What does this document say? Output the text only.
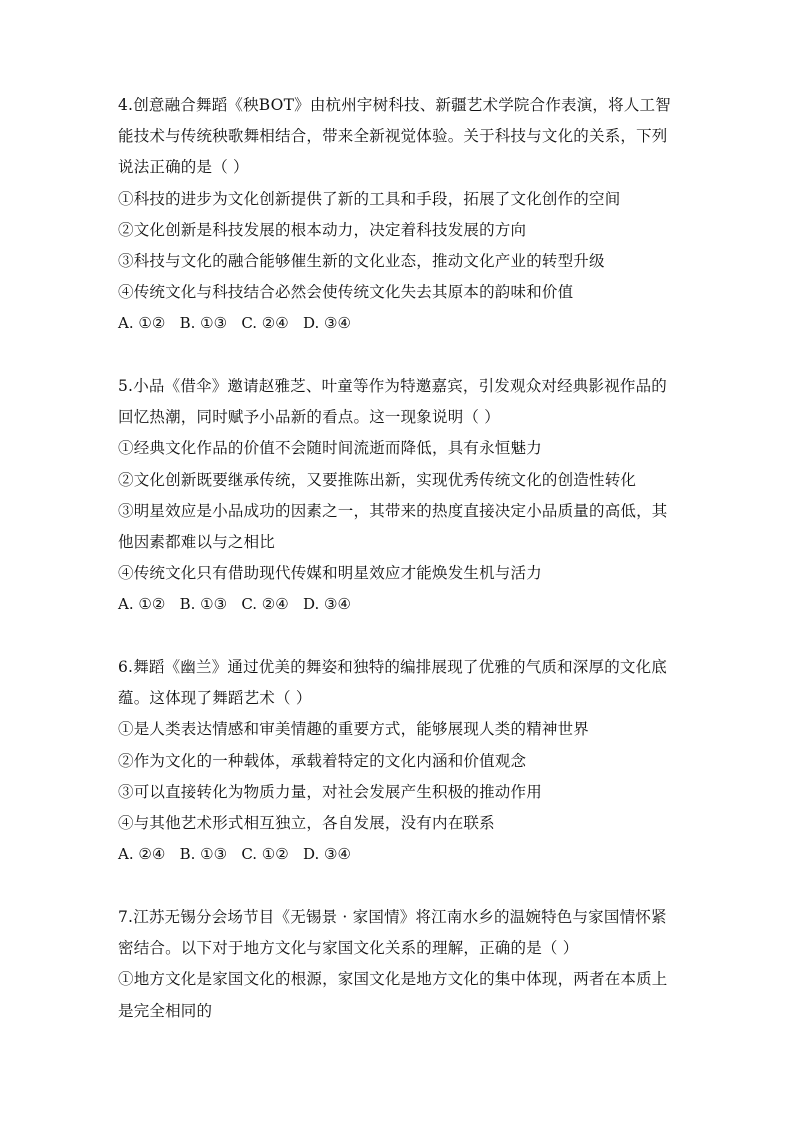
4.创意融合舞蹈《秧BOT》由杭州宇树科技、新疆艺术学院合作表演，将人工智
能技术与传统秧歌舞相结合，带来全新视觉体验。关于科技与文化的关系，下列
说法正确的是（ ）
①科技的进步为文化创新提供了新的工具和手段，拓展了文化创作的空间
②文化创新是科技发展的根本动力，决定着科技发展的方向
③科技与文化的融合能够催生新的文化业态，推动文化产业的转型升级
④传统文化与科技结合必然会使传统文化失去其原本的韵味和价值
A. ①②   B. ①③   C. ②④   D. ③④
5.小品《借伞》邀请赵雅芝、叶童等作为特邀嘉宾，引发观众对经典影视作品的
回忆热潮，同时赋予小品新的看点。这一现象说明（ ）
①经典文化作品的价值不会随时间流逝而降低，具有永恒魅力
②文化创新既要继承传统，又要推陈出新，实现优秀传统文化的创造性转化
③明星效应是小品成功的因素之一，其带来的热度直接决定小品质量的高低，其
他因素都难以与之相比
④传统文化只有借助现代传媒和明星效应才能焕发生机与活力
A. ①②   B. ①③   C. ②④   D. ③④
6.舞蹈《幽兰》通过优美的舞姿和独特的编排展现了优雅的气质和深厚的文化底
蕴。这体现了舞蹈艺术（ ）
①是人类表达情感和审美情趣的重要方式，能够展现人类的精神世界
②作为文化的一种载体，承载着特定的文化内涵和价值观念
③可以直接转化为物质力量，对社会发展产生积极的推动作用
④与其他艺术形式相互独立，各自发展，没有内在联系
A. ②④   B. ①③   C. ①②   D. ③④
7.江苏无锡分会场节目《无锡景 · 家国情》将江南水乡的温婉特色与家国情怀紧
密结合。以下对于地方文化与家国文化关系的理解，正确的是（ ）
①地方文化是家国文化的根源，家国文化是地方文化的集中体现，两者在本质上
是完全相同的
